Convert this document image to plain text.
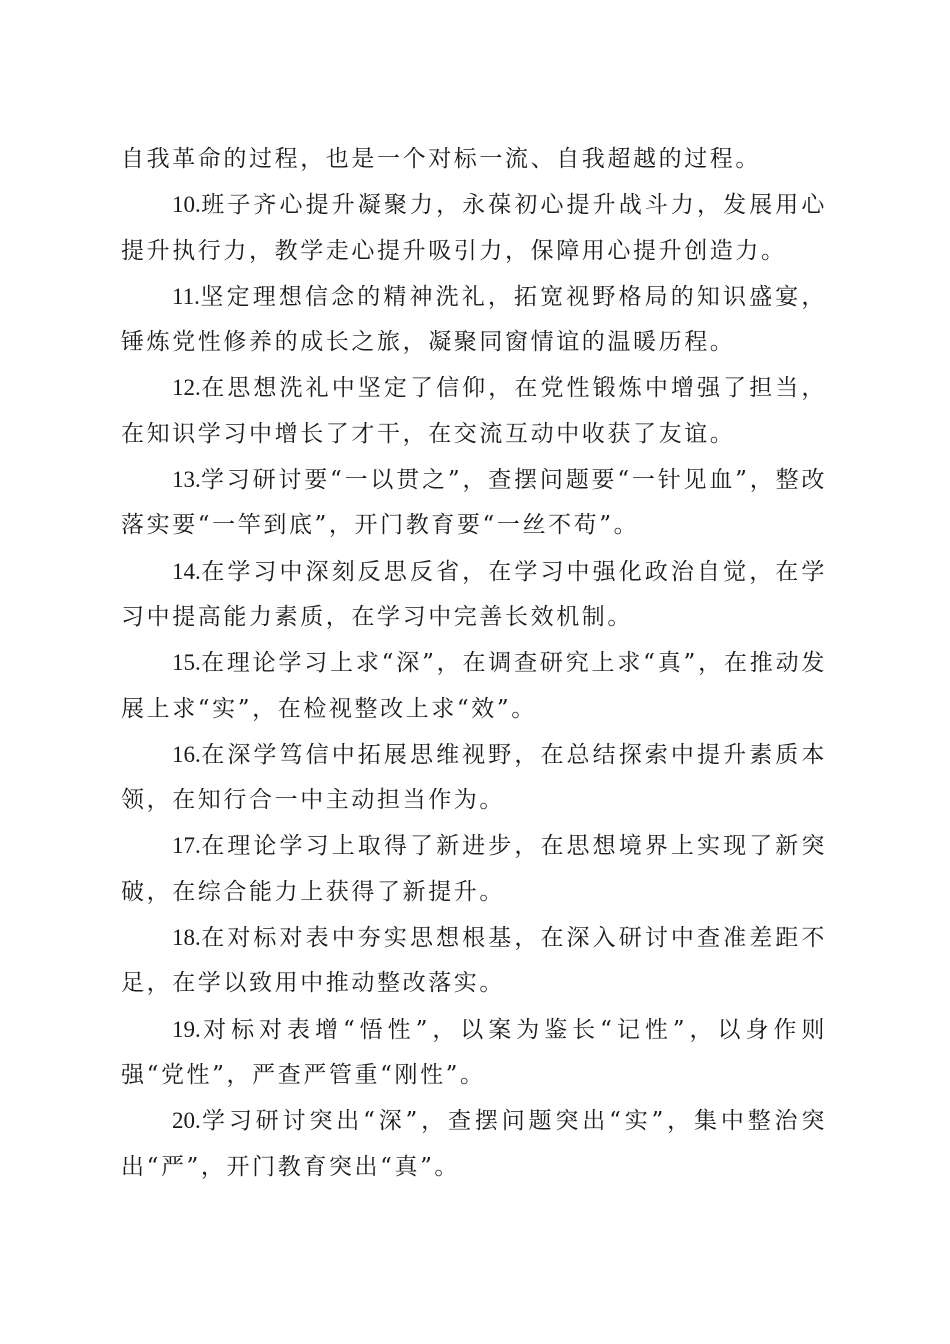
自我革命的过程，也是一个对标一流、自我超越的过程。

10.班子齐心提升凝聚力，永葆初心提升战斗力，发展用心提升执行力，教学走心提升吸引力，保障用心提升创造力。

11.坚定理想信念的精神洗礼，拓宽视野格局的知识盛宴，锤炼党性修养的成长之旅，凝聚同窗情谊的温暖历程。

12.在思想洗礼中坚定了信仰，在党性锻炼中增强了担当，在知识学习中增长了才干，在交流互动中收获了友谊。

13.学习研讨要“一以贯之”，查摆问题要“一针见血”，整改落实要“一竿到底”，开门教育要“一丝不苟”。

14.在学习中深刻反思反省，在学习中强化政治自觉，在学习中提高能力素质，在学习中完善长效机制。

15.在理论学习上求“深”，在调查研究上求“真”，在推动发展上求“实”，在检视整改上求“效”。

16.在深学笃信中拓展思维视野，在总结探索中提升素质本领，在知行合一中主动担当作为。

17.在理论学习上取得了新进步，在思想境界上实现了新突破，在综合能力上获得了新提升。

18.在对标对表中夯实思想根基，在深入研讨中查准差距不足，在学以致用中推动整改落实。

19.对标对表增“悟性”，以案为鉴长“记性”，以身作则强“党性”，严查严管重“刚性”。

20.学习研讨突出“深”，查摆问题突出“实”，集中整治突出“严”，开门教育突出“真”。
